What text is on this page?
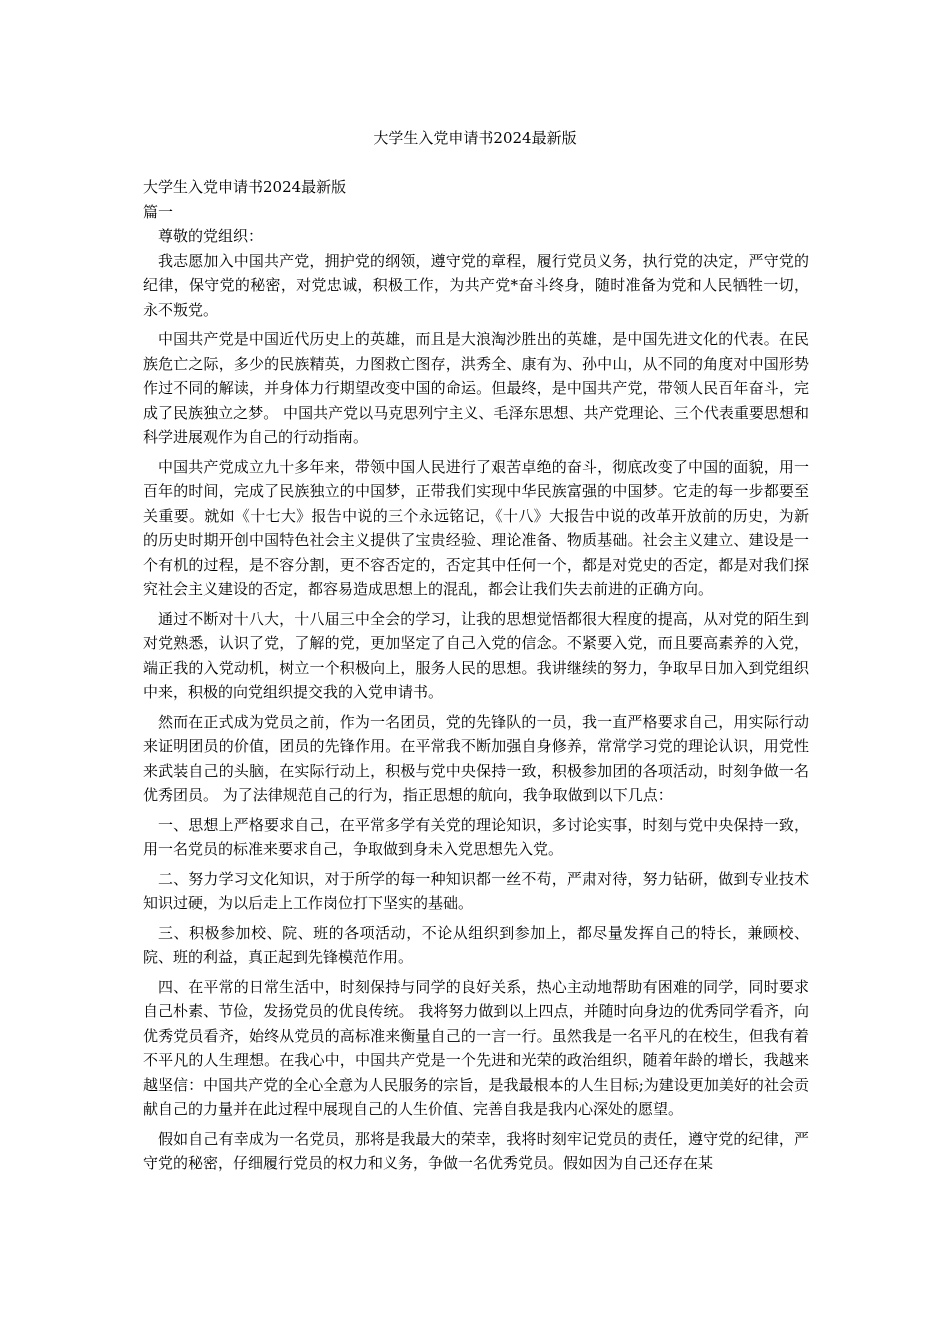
大学生入党申请书2024最新版

大学生入党申请书2024最新版

篇一

尊敬的党组织：

我志愿加入中国共产党，拥护党的纲领，遵守党的章程，履行党员义务，执行党的决定，严守党的纪律，保守党的秘密，对党忠诚，积极工作，为共产党*奋斗终身，随时准备为党和人民牺牲一切，永不叛党。

中国共产党是中国近代历史上的英雄，而且是大浪淘沙胜出的英雄，是中国先进文化的代表。在民族危亡之际，多少的民族精英，力图救亡图存，洪秀全、康有为、孙中山，从不同的角度对中国形势作过不同的解读，并身体力行期望改变中国的命运。但最终，是中国共产党，带领人民百年奋斗，完成了民族独立之梦。 中国共产党以马克思列宁主义、毛泽东思想、共产党理论、三个代表重要思想和科学进展观作为自己的行动指南。

中国共产党成立九十多年来，带领中国人民进行了艰苦卓绝的奋斗，彻底改变了中国的面貌，用一百年的时间，完成了民族独立的中国梦，正带我们实现中华民族富强的中国梦。它走的每一步都要至关重要。就如《十七大》报告中说的三个永远铭记，《十八》大报告中说的改革开放前的历史，为新的历史时期开创中国特色社会主义提供了宝贵经验、理论准备、物质基础。社会主义建立、建设是一个有机的过程，是不容分割，更不容否定的，否定其中任何一个，都是对党史的否定，都是对我们探究社会主义建设的否定，都容易造成思想上的混乱，都会让我们失去前进的正确方向。

通过不断对十八大，十八届三中全会的学习，让我的思想觉悟都很大程度的提高，从对党的陌生到对党熟悉，认识了党，了解的党，更加坚定了自己入党的信念。不紧要入党，而且要高素养的入党，端正我的入党动机，树立一个积极向上，服务人民的思想。我讲继续的努力，争取早日加入到党组织中来，积极的向党组织提交我的入党申请书。

然而在正式成为党员之前，作为一名团员，党的先锋队的一员，我一直严格要求自己，用实际行动来证明团员的价值，团员的先锋作用。在平常我不断加强自身修养，常常学习党的理论认识，用党性来武装自己的头脑，在实际行动上，积极与党中央保持一致，积极参加团的各项活动，时刻争做一名优秀团员。 为了法律规范自己的行为，指正思想的航向，我争取做到以下几点：

一、思想上严格要求自己，在平常多学有关党的理论知识，多讨论实事，时刻与党中央保持一致，用一名党员的标准来要求自己，争取做到身未入党思想先入党。

二、努力学习文化知识，对于所学的每一种知识都一丝不苟，严肃对待，努力钻研，做到专业技术知识过硬，为以后走上工作岗位打下坚实的基础。

三、积极参加校、院、班的各项活动，不论从组织到参加上，都尽量发挥自己的特长，兼顾校、院、班的利益，真正起到先锋模范作用。

四、在平常的日常生活中，时刻保持与同学的良好关系，热心主动地帮助有困难的同学，同时要求自己朴素、节俭，发扬党员的优良传统。 我将努力做到以上四点，并随时向身边的优秀同学看齐，向优秀党员看齐，始终从党员的高标准来衡量自己的一言一行。虽然我是一名平凡的在校生，但我有着不平凡的人生理想。在我心中，中国共产党是一个先进和光荣的政治组织，随着年龄的增长，我越来越坚信：中国共产党的全心全意为人民服务的宗旨，是我最根本的人生目标;为建设更加美好的社会贡献自己的力量并在此过程中展现自己的人生价值、完善自我是我内心深处的愿望。

假如自己有幸成为一名党员，那将是我最大的荣幸，我将时刻牢记党员的责任，遵守党的纪律，严守党的秘密，仔细履行党员的权力和义务，争做一名优秀党员。假如因为自己还存在某
